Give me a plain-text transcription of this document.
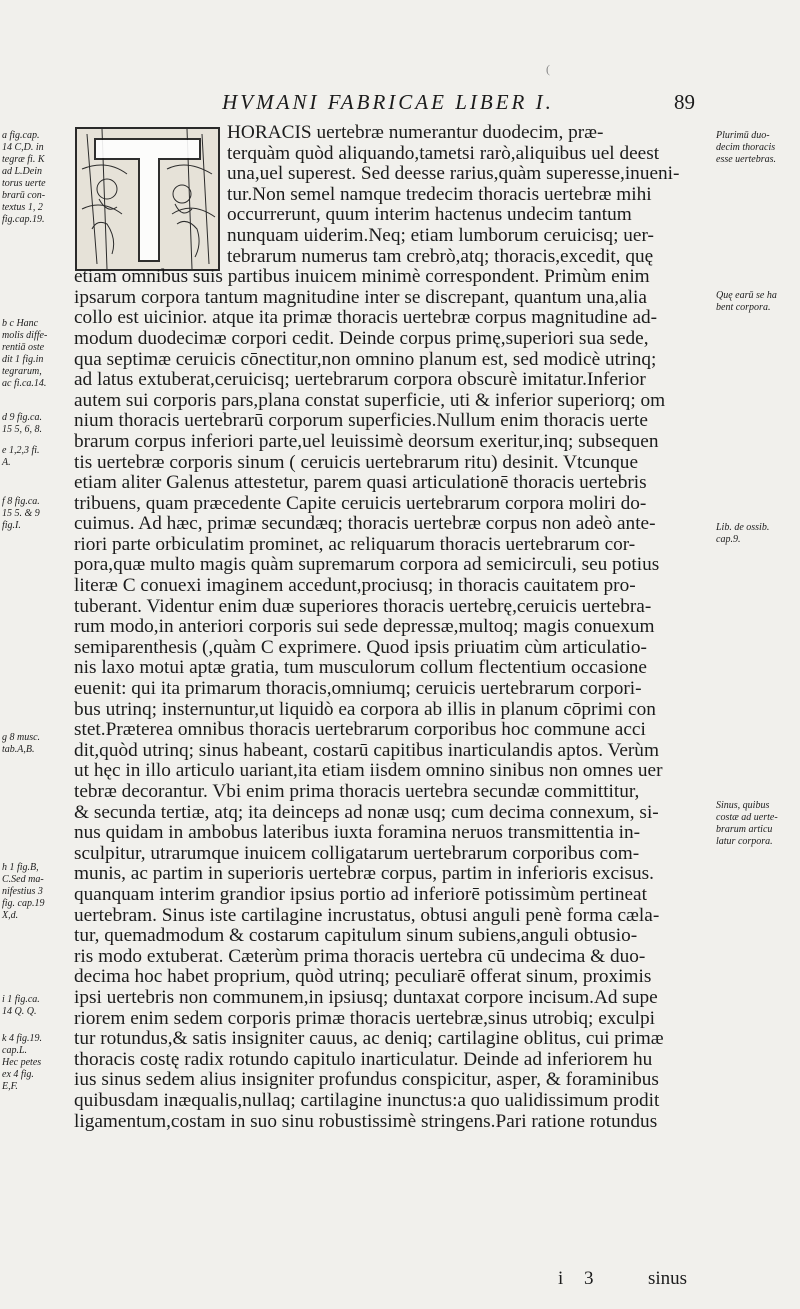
(
HVMANI FABRICAE LIBER I.	89
HORACIS uertebræ numerantur duodecim, præ-
terquàm quòd aliquando,tametsi rarò,aliquibus uel deest
una,uel superest. Sed deesse rarius,quàm superesse,inueni-
tur.Non semel namque tredecim thoracis uertebræ mihi
occurrerunt, quum interim hactenus undecim tantum
nunquam uiderim.Neq; etiam lumborum ceruicisq; uer-
tebrarum numerus tam crebrò,atq; thoracis,excedit, quę
etiam omnibus suis partibus inuicem minimè correspondent. Primùm enim
ipsarum corpora tantum magnitudine inter se discrepant, quantum una,alia
collo est uicinior. atque ita primæ thoracis uertebræ corpus magnitudine ad-
modum duodecimæ corpori cedit. Deinde corpus primę,superiori sua sede,
qua septimæ ceruicis cōnectitur,non omnino planum est, sed modicè utrinq;
ad latus extuberat,ceruicisq; uertebrarum corpora obscurè imitatur.Inferior
autem sui corporis pars,plana constat superficie, uti & inferior superiorq; om
nium thoracis uertebrarū corporum superficies.Nullum enim thoracis uerte
brarum corpus inferiori parte,uel leuissimè deorsum exeritur,inq; subsequen
tis uertebræ corporis sinum ( ceruicis uertebrarum ritu) desinit. Vtcunque
etiam aliter Galenus attestetur, parem quasi articulationē thoracis uertebris
tribuens, quam præcedente Capite ceruicis uertebrarum corpora moliri do-
cuimus. Ad hæc, primæ secundæq; thoracis uertebræ corpus non adeò ante-
riori parte orbiculatim prominet, ac reliquarum thoracis uertebrarum cor-
pora,quæ multo magis quàm supremarum corpora ad semicirculi, seu potius
literæ C conuexi imaginem accedunt,prociusq; in thoracis cauitatem pro-
tuberant. Videntur enim duæ superiores thoracis uertebrę,ceruicis uertebra-
rum modo,in anteriori corporis sui sede depressæ,multoq; magis conuexum
semiparenthesis (,quàm C exprimere. Quod ipsis priuatim cùm articulatio-
nis laxo motui aptæ gratia, tum musculorum collum flectentium occasione
euenit: qui ita primarum thoracis,omniumq; ceruicis uertebrarum corpori-
bus utrinq; insternuntur,ut liquidò ea corpora ab illis in planum cōprimi con
stet.Præterea omnibus thoracis uertebrarum corporibus hoc commune acci
dit,quòd utrinq; sinus habeant, costarū capitibus inarticulandis aptos. Verùm
ut hęc in illo articulo uariant,ita etiam iisdem omnino sinibus non omnes uer
tebræ decorantur. Vbi enim prima thoracis uertebra secundæ committitur,
& secunda tertiæ, atq; ita deinceps ad nonæ usq; cum decima connexum, si-
nus quidam in ambobus lateribus iuxta foramina neruos transmittentia in-
sculpitur, utrarumque inuicem colligatarum uertebrarum corporibus com-
munis, ac partim in superioris uertebræ corpus, partim in inferioris excisus.
quanquam interim grandior ipsius portio ad inferiorē potissimùm pertineat
uertebram. Sinus iste cartilagine incrustatus, obtusi anguli penè forma cæla-
tur, quemadmodum & costarum capitulum sinum subiens,anguli obtusio-
ris modo extuberat. Cæterùm prima thoracis uertebra cū undecima & duo-
decima hoc habet proprium, quòd utrinq; peculiarē offerat sinum, proximis
ipsi uertebris non communem,in ipsiusq; duntaxat corpore incisum.Ad supe
riorem enim sedem corporis primæ thoracis uertebræ,sinus utrobiq; exculpi
tur rotundus,& satis insigniter cauus, ac deniq; cartilagine oblitus, cui primæ
thoracis costę radix rotundo capitulo inarticulatur. Deinde ad inferiorem hu
ius sinus sedem alius insigniter profundus conspicitur, asper, & foraminibus
quibusdam inæqualis,nullaq; cartilagine inunctus:a quo ualidissimum prodit
ligamentum,costam in suo sinu robustissimè stringens.Pari ratione rotundus
a fig.cap.
14 C,D. in
tegræ fi. K
ad L.Dein
torus uerte
brarū con-
textus 1, 2
fig.cap.19.
b c Hanc
molis diffe-
rentiā oste
dit 1 fig.in
tegrarum,
ac fi.ca.14.
d 9 fig.ca.
15 5, 6, 8.
e 1,2,3 fi.
A.
f 8 fig.ca.
15 5. & 9
fig.I.
g 8 musc.
tab.A,B.
h 1 fig.B,
C.Sed ma-
nifestius 3
fig. cap.19
X,d.
i 1 fig.ca.
14 Q. Q.
k 4 fig.19.
cap.L.
Hec petes
ex 4 fig.
E,F.
Plurimū duo-
decim thoracis
esse uertebras.
Quę earū se ha
bent corpora.
Lib. de ossib.
cap.9.
Sinus, quibus
costæ ad uerte-
brarum articu
latur corpora.
i 3 sinus
